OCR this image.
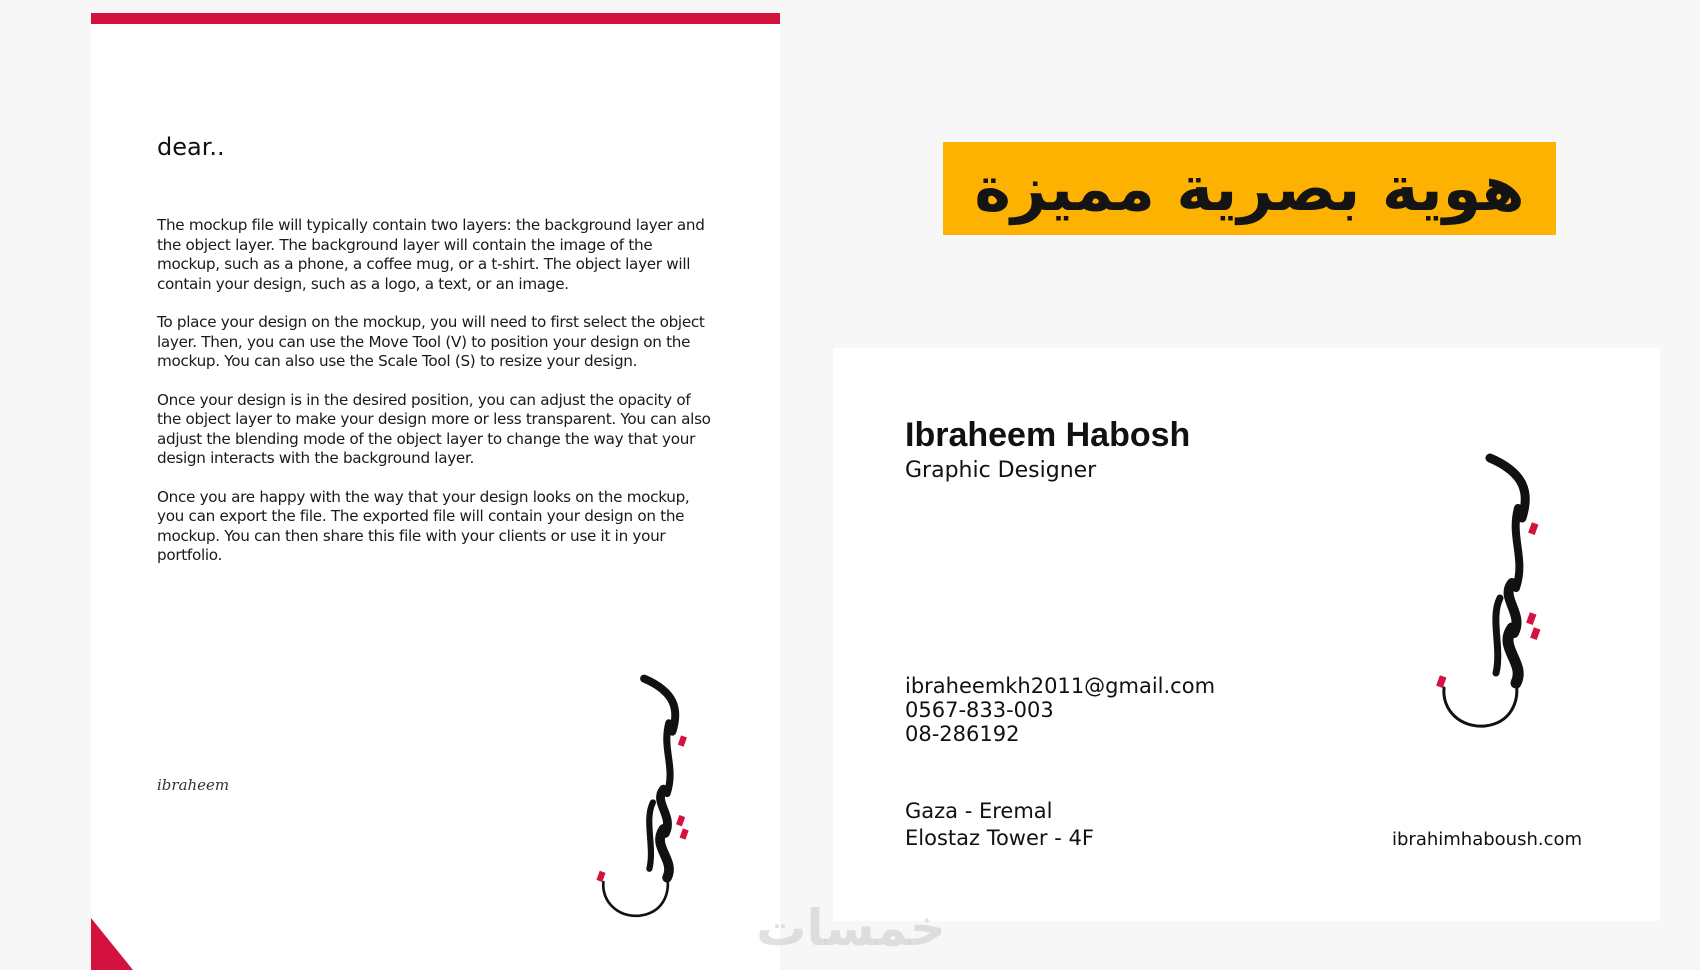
dear..

The mockup file will typically contain two layers: the background layer and the object layer. The background layer will contain the image of the mockup, such as a phone, a coffee mug, or a t-shirt. The object layer will contain your design, such as a logo, a text, or an image.

To place your design on the mockup, you will need to first select the object layer. Then, you can use the Move Tool (V) to position your design on the mockup. You can also use the Scale Tool (S) to resize your design.

Once your design is in the desired position, you can adjust the opacity of the object layer to make your design more or less transparent. You can also adjust the blending mode of the object layer to change the way that your design interacts with the background layer.

Once you are happy with the way that your design looks on the mockup, you can export the file. The exported file will contain your design on the mockup. You can then share this file with your clients or use it in your portfolio.

ibraheem
هوية بصرية مميزة
Ibraheem Habosh
Graphic Designer
ibraheemkh2011@gmail.com
0567-833-003
08-286192
Gaza - Eremal
Elostaz Tower - 4F	ibrahimhaboush.com
خمسات
